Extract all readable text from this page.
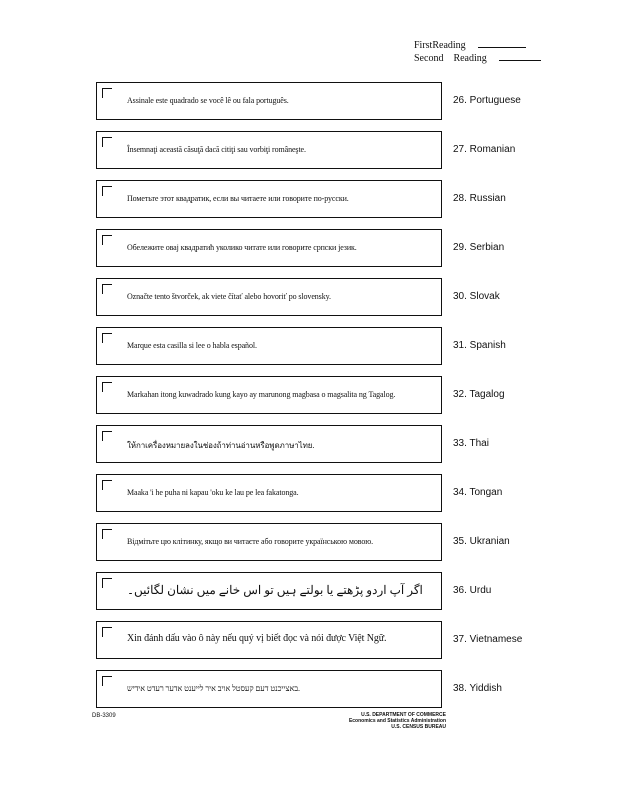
FirstReading
Second    Reading
Assinale este quadrado se você lê ou fala português.	26. Portuguese
Însemnaţi această căsuţă dacă citiţi sau vorbiţi româneşte.	27. Romanian
Пометьте этот квадратик, если вы читаете или говорите по-русски.	28. Russian
Обележите овај квадратић уколико читате или говорите српски језик.	29. Serbian
Označte tento štvorček, ak viete čítať alebo hovoriť po slovensky.	30. Slovak
Marque esta casilla si lee o habla español.	31. Spanish
Markahan itong kuwadrado kung kayo ay marunong magbasa o magsalita ng Tagalog.	32. Tagalog
ให้กาเครื่องหมายลงในช่องถ้าท่านอ่านหรือพูดภาษาไทย.	33. Thai
Maaka 'i he puha ni kapau 'oku ke lau pe lea fakatonga.	34. Tongan
Відмітьте цю клітинку, якщо ви читаєте або говорите українською мовою.	35. Ukranian
اگر آپ اردو پڑھتے یا بولتے ہیں تو اس خانے میں نشان لگائیں۔	36. Urdu
Xin đánh dấu vào ô này nếu quý vị biết đọc và nói được Việt Ngữ.	37. Vietnamese
באצייכנט דעם קעסטל אויב איר לייענט אדער רעדט אידיש.	38. Yiddish
DB-3309	U.S. DEPARTMENT OF COMMERCE
Economics and Statistics Administration
U.S. CENSUS BUREAU
